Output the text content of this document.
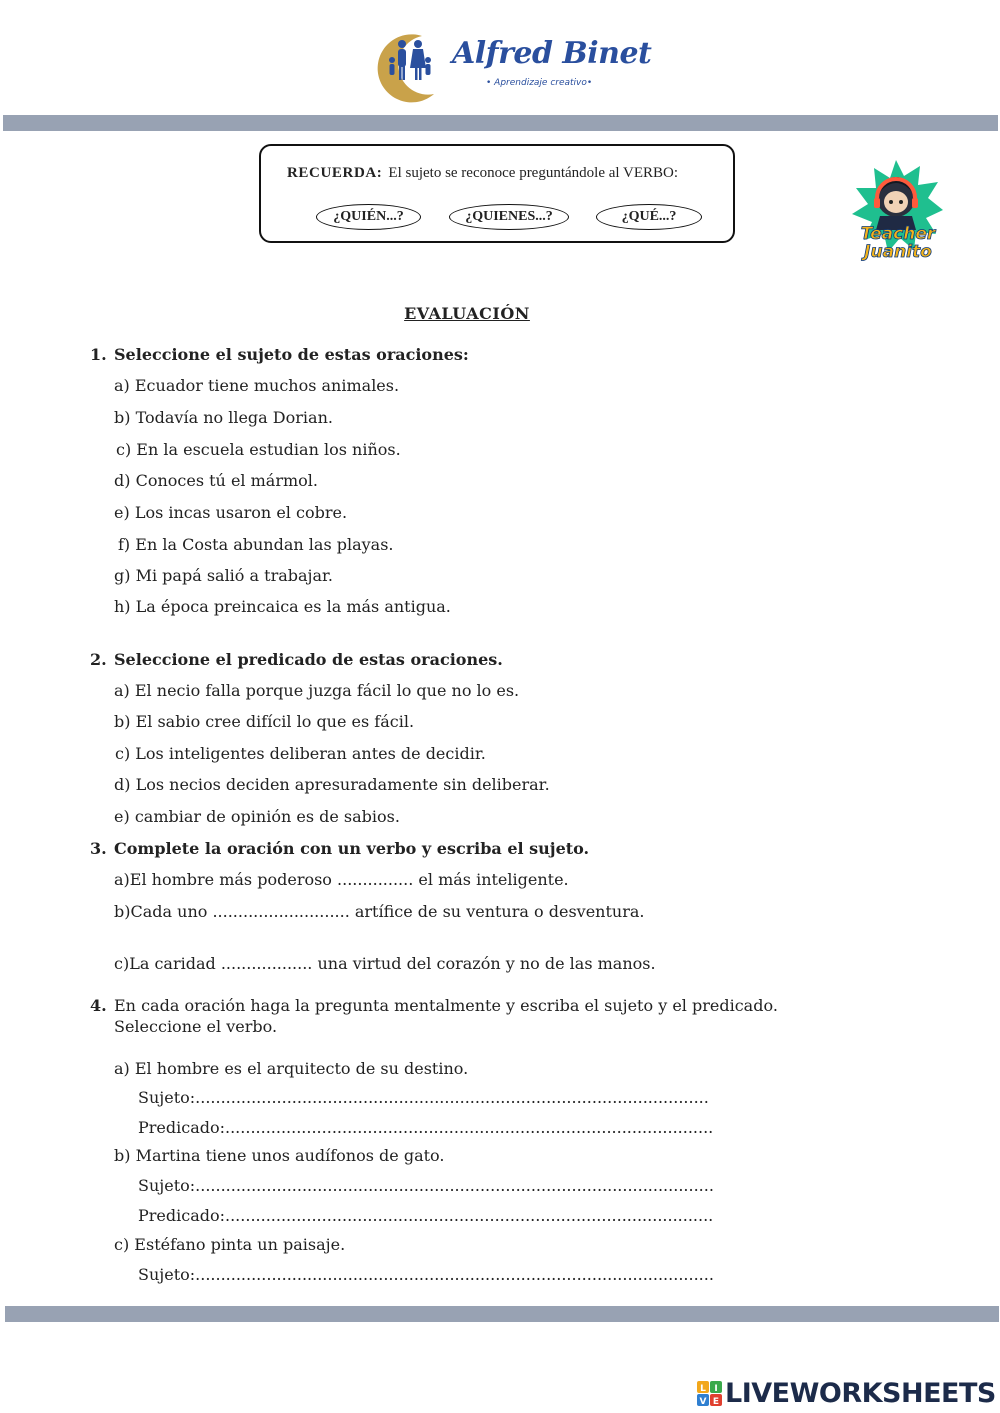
Alfred Binet
• Aprendizaje creativo•
RECUERDA: El sujeto se reconoce preguntándole al VERBO:
¿QUIÉN...?	¿QUIENES...?	¿QUÉ...?
Teacher
Juanito
EVALUACIÓN
1. Seleccione el sujeto de estas oraciones:
a) Ecuador tiene muchos animales.
b) Todavía no llega Dorian.
c) En la escuela estudian los niños.
d) Conoces tú el mármol.
e) Los incas usaron el cobre.
f) En la Costa abundan las playas.
g) Mi papá salió a trabajar.
h) La época preincaica es la más antigua.
2. Seleccione el predicado de estas oraciones.
a) El necio falla porque juzga fácil lo que no lo es.
b) El sabio cree difícil lo que es fácil.
c) Los inteligentes deliberan antes de decidir.
d) Los necios deciden apresuradamente sin deliberar.
e) cambiar de opinión es de sabios.
3. Complete la oración con un verbo y escriba el sujeto.
a)El hombre más poderoso ............... el más inteligente.
b)Cada uno ........................... artífice de su ventura o desventura.
c)La caridad .................. una virtud del corazón y no de las manos.
4. En cada oración haga la pregunta mentalmente y escriba el sujeto y el predicado.
Seleccione el verbo.
a) El hombre es el arquitecto de su destino.
Sujeto:.....................................................................................................
Predicado:................................................................................................
b) Martina tiene unos audífonos de gato.
Sujeto:......................................................................................................
Predicado:................................................................................................
c) Estéfano pinta un paisaje.
Sujeto:......................................................................................................
L I
V E LIVEWORKSHEETS
